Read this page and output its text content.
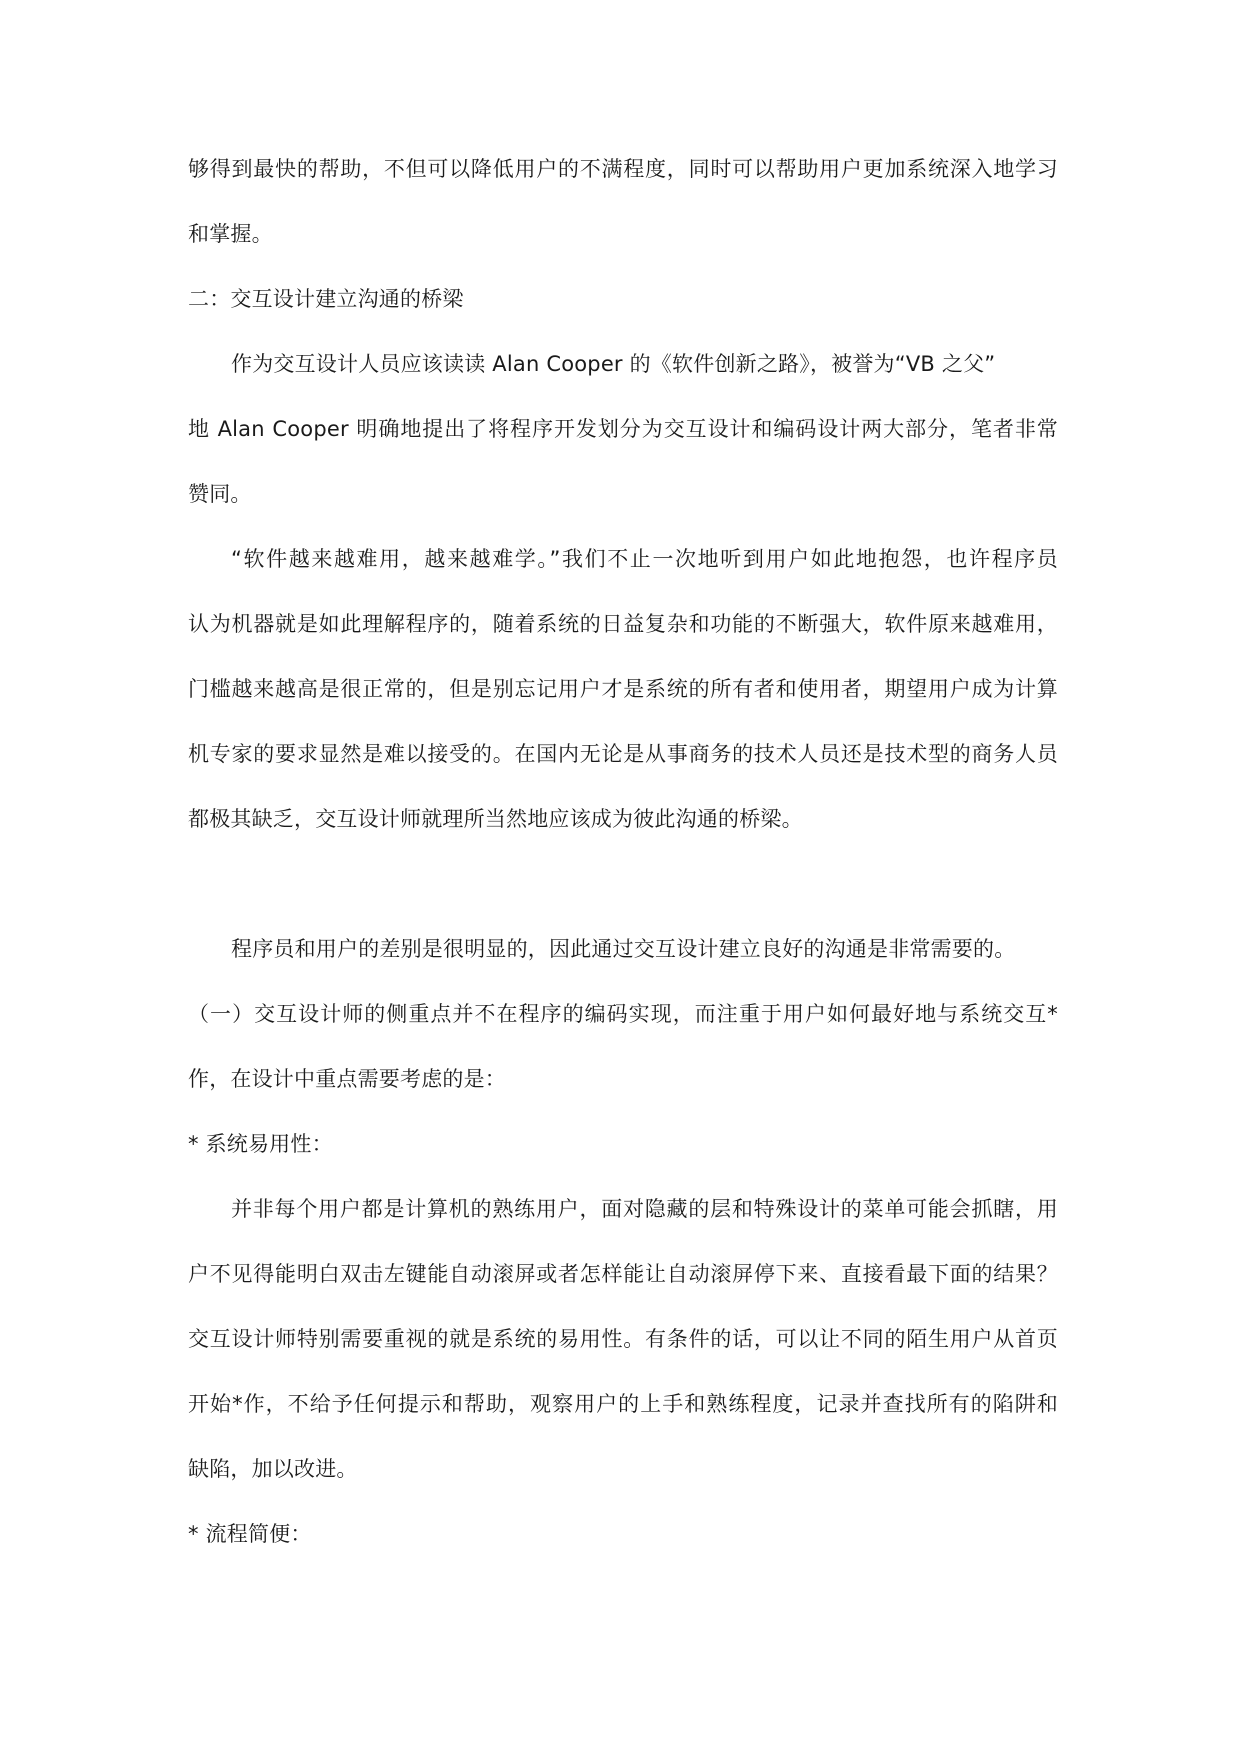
够得到最快的帮助，不但可以降低用户的不满程度，同时可以帮助用户更加系统深入地学习
和掌握。
二：交互设计建立沟通的桥梁
作为交互设计人员应该读读 Alan Cooper 的《软件创新之路》，被誉为“VB 之父”
地 Alan Cooper 明确地提出了将程序开发划分为交互设计和编码设计两大部分，笔者非常
赞同。
“软件越来越难用，越来越难学。”我们不止一次地听到用户如此地抱怨，也许程序员
认为机器就是如此理解程序的，随着系统的日益复杂和功能的不断强大，软件原来越难用，
门槛越来越高是很正常的，但是别忘记用户才是系统的所有者和使用者，期望用户成为计算
机专家的要求显然是难以接受的。在国内无论是从事商务的技术人员还是技术型的商务人员
都极其缺乏，交互设计师就理所当然地应该成为彼此沟通的桥梁。
程序员和用户的差别是很明显的，因此通过交互设计建立良好的沟通是非常需要的。
（一）交互设计师的侧重点并不在程序的编码实现，而注重于用户如何最好地与系统交互*
作，在设计中重点需要考虑的是：
* 系统易用性：
并非每个用户都是计算机的熟练用户，面对隐藏的层和特殊设计的菜单可能会抓瞎，用
户不见得能明白双击左键能自动滚屏或者怎样能让自动滚屏停下来、直接看最下面的结果？
交互设计师特别需要重视的就是系统的易用性。有条件的话，可以让不同的陌生用户从首页
开始*作，不给予任何提示和帮助，观察用户的上手和熟练程度，记录并查找所有的陷阱和
缺陷，加以改进。
* 流程简便：
